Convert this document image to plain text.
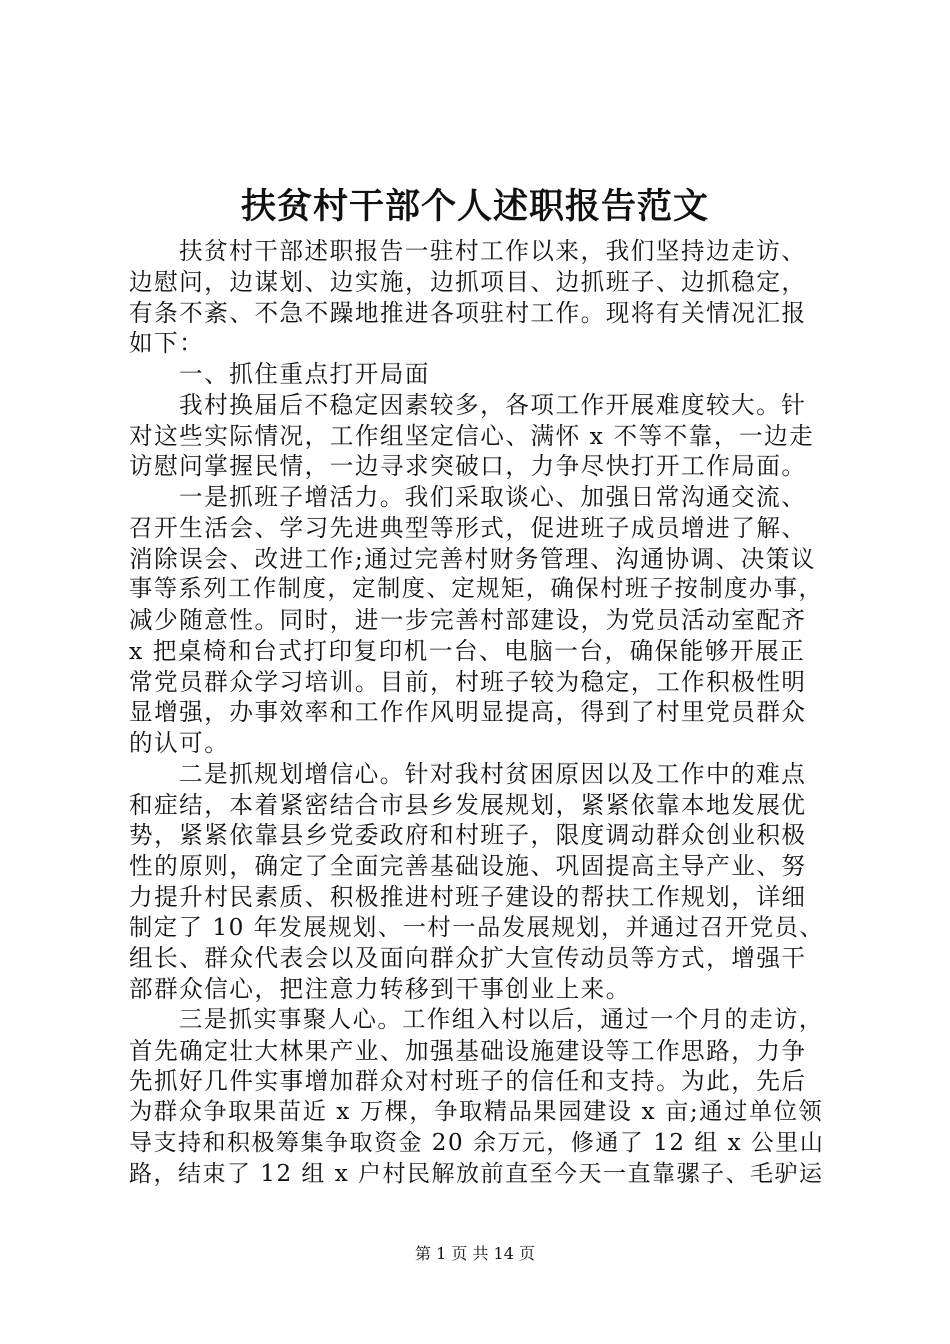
扶贫村干部个人述职报告范文
扶贫村干部述职报告一驻村工作以来，我们坚持边走访、
边慰问，边谋划、边实施，边抓项目、边抓班子、边抓稳定，
有条不紊、不急不躁地推进各项驻村工作。现将有关情况汇报
如下：
一、抓住重点打开局面
我村换届后不稳定因素较多，各项工作开展难度较大。针
对这些实际情况，工作组坚定信心、满怀 x 不等不靠，一边走
访慰问掌握民情，一边寻求突破口，力争尽快打开工作局面。
一是抓班子增活力。我们采取谈心、加强日常沟通交流、
召开生活会、学习先进典型等形式，促进班子成员增进了解、
消除误会、改进工作;通过完善村财务管理、沟通协调、决策议
事等系列工作制度，定制度、定规矩，确保村班子按制度办事，
减少随意性。同时，进一步完善村部建设，为党员活动室配齐
x 把桌椅和台式打印复印机一台、电脑一台，确保能够开展正
常党员群众学习培训。目前，村班子较为稳定，工作积极性明
显增强，办事效率和工作作风明显提高，得到了村里党员群众
的认可。
二是抓规划增信心。针对我村贫困原因以及工作中的难点
和症结，本着紧密结合市县乡发展规划，紧紧依靠本地发展优
势，紧紧依靠县乡党委政府和村班子，限度调动群众创业积极
性的原则，确定了全面完善基础设施、巩固提高主导产业、努
力提升村民素质、积极推进村班子建设的帮扶工作规划，详细
制定了 10 年发展规划、一村一品发展规划，并通过召开党员、
组长、群众代表会以及面向群众扩大宣传动员等方式，增强干
部群众信心，把注意力转移到干事创业上来。
三是抓实事聚人心。工作组入村以后，通过一个月的走访，
首先确定壮大林果产业、加强基础设施建设等工作思路，力争
先抓好几件实事增加群众对村班子的信任和支持。为此，先后
为群众争取果苗近 x 万棵，争取精品果园建设 x 亩;通过单位领
导支持和积极筹集争取资金 20 余万元，修通了 12 组 x 公里山
路，结束了 12 组 x 户村民解放前直至今天一直靠骡子、毛驴运
第 1 页 共 14 页
